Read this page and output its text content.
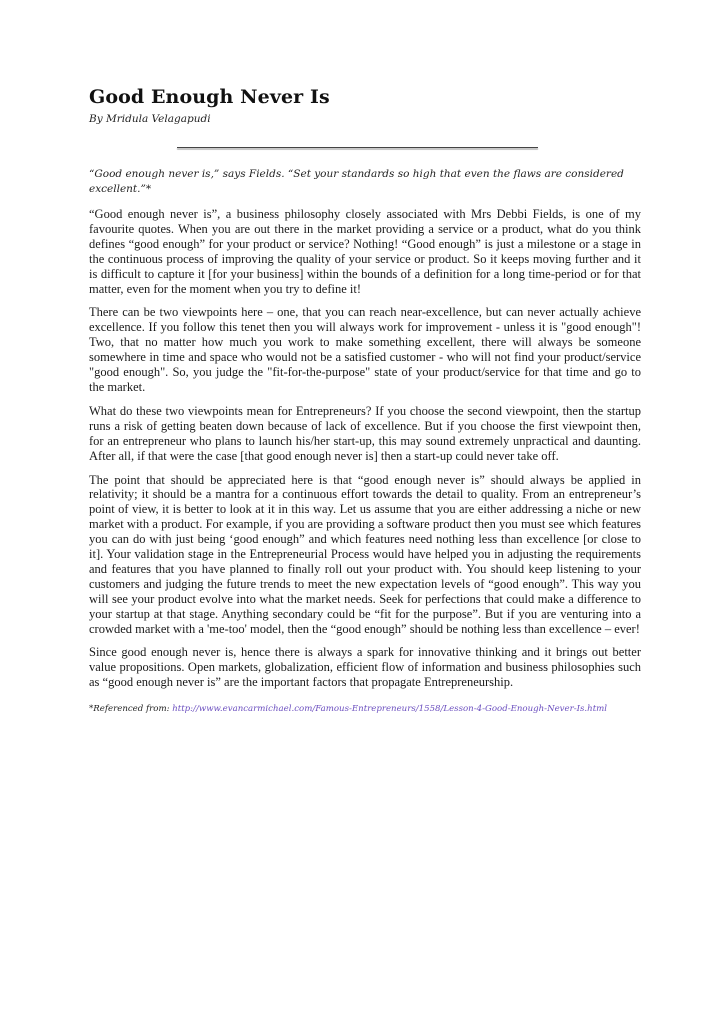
Good Enough Never Is
By Mridula Velagapudi
“Good enough never is,” says Fields. “Set your standards so high that even the flaws are considered excellent.”*

“Good enough never is”, a business philosophy closely associated with Mrs Debbi Fields, is one of my favourite quotes. When you are out there in the market providing a service or a product, what do you think defines “good enough” for your product or service? Nothing! “Good enough” is just a milestone or a stage in the continuous process of improving the quality of your service or product. So it keeps moving further and it is difficult to capture it [for your business] within the bounds of a definition for a long time-period or for that matter, even for the moment when you try to define it!

There can be two viewpoints here – one, that you can reach near-excellence, but can never actually achieve excellence. If you follow this tenet then you will always work for improvement - unless it is "good enough"! Two, that no matter how much you work to make something excellent, there will always be someone somewhere in time and space who would not be a satisfied customer - who will not find your product/service "good enough". So, you judge the "fit-for-the-purpose" state of your product/service for that time and go to the market.

What do these two viewpoints mean for Entrepreneurs? If you choose the second viewpoint, then the startup runs a risk of getting beaten down because of lack of excellence. But if you choose the first viewpoint then, for an entrepreneur who plans to launch his/her start-up, this may sound extremely unpractical and daunting. After all, if that were the case [that good enough never is] then a start-up could never take off.

The point that should be appreciated here is that “good enough never is” should always be applied in relativity; it should be a mantra for a continuous effort towards the detail to quality. From an entrepreneur’s point of view, it is better to look at it in this way. Let us assume that you are either addressing a niche or new market with a product. For example, if you are providing a software product then you must see which features you can do with just being ‘good enough” and which features need nothing less than excellence [or close to it]. Your validation stage in the Entrepreneurial Process would have helped you in adjusting the requirements and features that you have planned to finally roll out your product with. You should keep listening to your customers and judging the future trends to meet the new expectation levels of “good enough”. This way you will see your product evolve into what the market needs. Seek for perfections that could make a difference to your startup at that stage. Anything secondary could be “fit for the purpose”. But if you are venturing into a crowded market with a 'me-too' model, then the “good enough” should be nothing less than excellence – ever!

Since good enough never is, hence there is always a spark for innovative thinking and it brings out better value propositions. Open markets, globalization, efficient flow of information and business philosophies such as “good enough never is” are the important factors that propagate Entrepreneurship.

*Referenced from: http://www.evancarmichael.com/Famous-Entrepreneurs/1558/Lesson-4-Good-Enough-Never-Is.html
